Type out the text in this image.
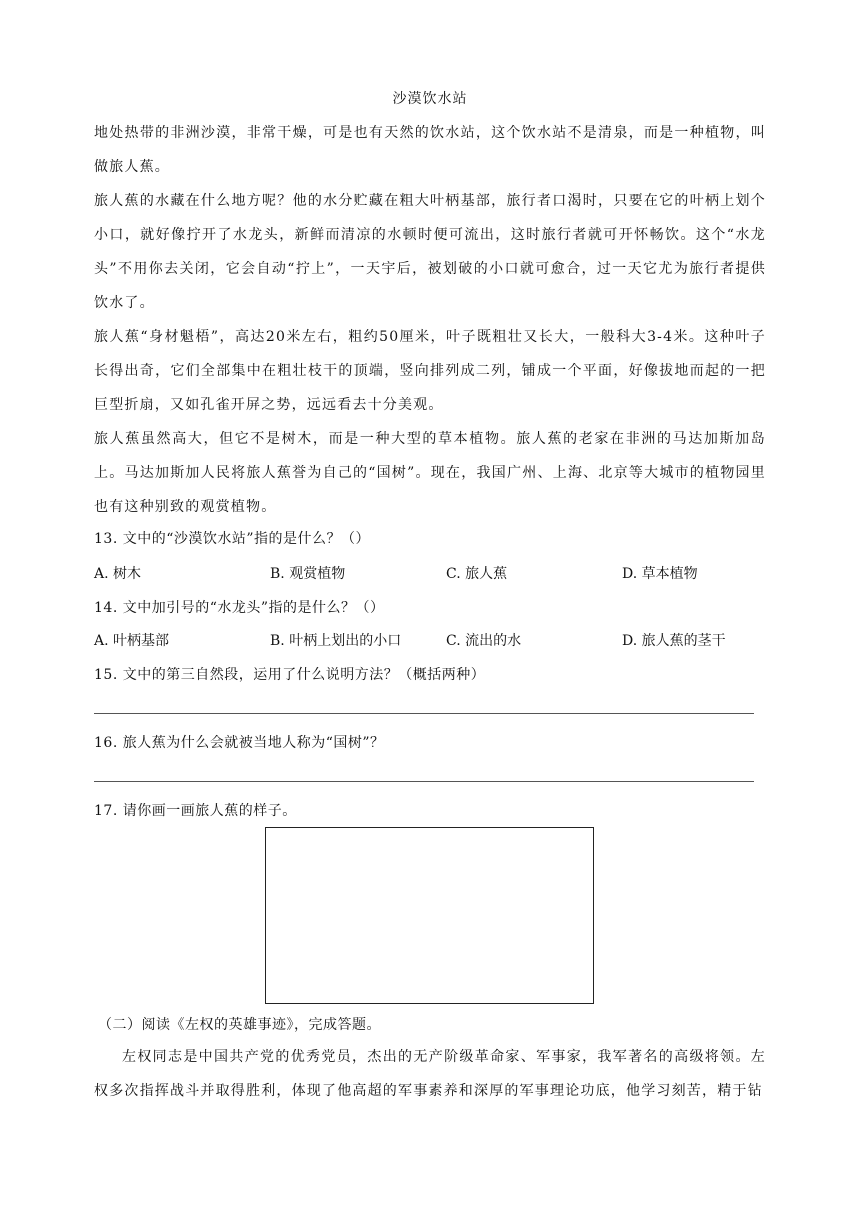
沙漠饮水站

地处热带的非洲沙漠，非常干燥，可是也有天然的饮水站，这个饮水站不是清泉，而是一种植物，叫做旅人蕉。

旅人蕉的水藏在什么地方呢？他的水分贮藏在粗大叶柄基部，旅行者口渴时，只要在它的叶柄上划个小口，就好像拧开了水龙头，新鲜而清凉的水顿时便可流出，这时旅行者就可开怀畅饮。这个“水龙头”不用你去关闭，它会自动“拧上”，一天宇后，被划破的小口就可愈合，过一天它尤为旅行者提供饮水了。

旅人蕉“身材魁梧”，高达20米左右，粗约50厘米，叶子既粗壮又长大，一般科大3-4米。这种叶子长得出奇，它们全部集中在粗壮枝干的顶端，竖向排列成二列，铺成一个平面，好像拔地而起的一把巨型折扇，又如孔雀开屏之势，远远看去十分美观。

旅人蕉虽然高大，但它不是树木，而是一种大型的草本植物。旅人蕉的老家在非洲的马达加斯加岛上。马达加斯加人民将旅人蕉誉为自己的“国树”。现在，我国广州、上海、北京等大城市的植物园里也有这种别致的观赏植物。

13. 文中的“沙漠饮水站”指的是什么？（）
A. 树木	B. 观赏植物	C. 旅人蕉	D. 草本植物
14. 文中加引号的“水龙头”指的是什么？（）
A. 叶柄基部	B. 叶柄上划出的小口	C. 流出的水	D. 旅人蕉的茎干
15. 文中的第三自然段，运用了什么说明方法？（概括两种）
16. 旅人蕉为什么会就被当地人称为“国树”？
17. 请你画一画旅人蕉的样子。
（二）阅读《左权的英雄事迹》，完成答题。

左权同志是中国共产党的优秀党员，杰出的无产阶级革命家、军事家，我军著名的高级将领。左权多次指挥战斗并取得胜利，体现了他高超的军事素养和深厚的军事理论功底，他学习刻苦，精于钻
